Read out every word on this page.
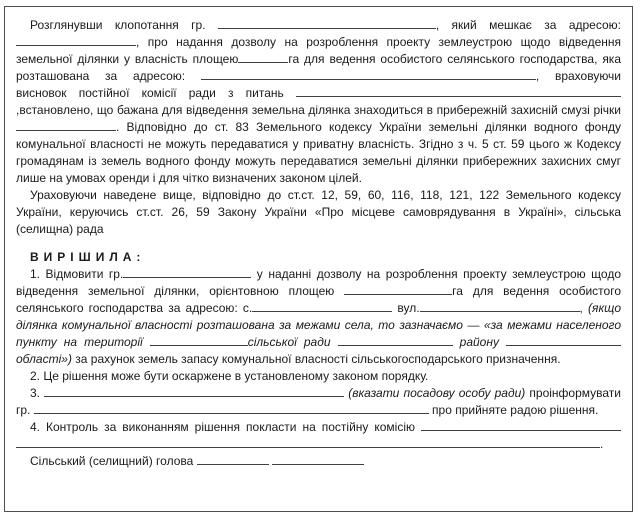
Розглянувши клопотання гр.	, який мешкає за адресою:, про надання дозволу на розроблення проекту землеустрою щодо відведення земельної ділянки у власність площею	га для ведення особистого селянського господарства, яка розташована за адресою:	, враховуючи висновок постійної комісії ради з питань ,встановлено, що бажана для відведення земельна ділянка знаходиться в прибережній захисній смузі річки . Відповідно до ст. 83 Земельного кодексу України земельні ділянки водного фонду комунальної власності не можуть передаватися у приватну власність. Згідно з ч. 5 ст. 59 цього ж Кодексу громадянам із земель водного фонду можуть передаватися земельні ділянки прибережних захисних смуг лише на умовах оренди і для чітко визначених законом цілей.

Ураховуючи наведене вище, відповідно до ст.ст. 12, 59, 60, 116, 118, 121, 122 Земельного кодексу України, керуючись ст.ст. 26, 59 Закону України «Про місцеве самоврядування в Україні», сільська (селищна) рада

ВИРІШИЛА:

1. Відмовити гр.	у наданні дозволу на розроблення проекту землеустрою щодо відведення земельної ділянки, орієнтовною площею	га для ведення особистого селянського господарства за адресою: с.	вул.	, (якщо ділянка комунальної власності розташована за межами села, то зазначаємо — «за межами населеного пункту на території	сільської ради	району  області») за рахунок земель запасу комунальної власності сільськогосподарського призначення.

2. Це рішення може бути оскаржене в установленому законом порядку.

3.	(вказати посадову особу ради) проінформувати гр.	про прийняте радою рішення.

4. Контроль за виконанням рішення покласти на постійну комісію .

Сільський (селищний) голова
